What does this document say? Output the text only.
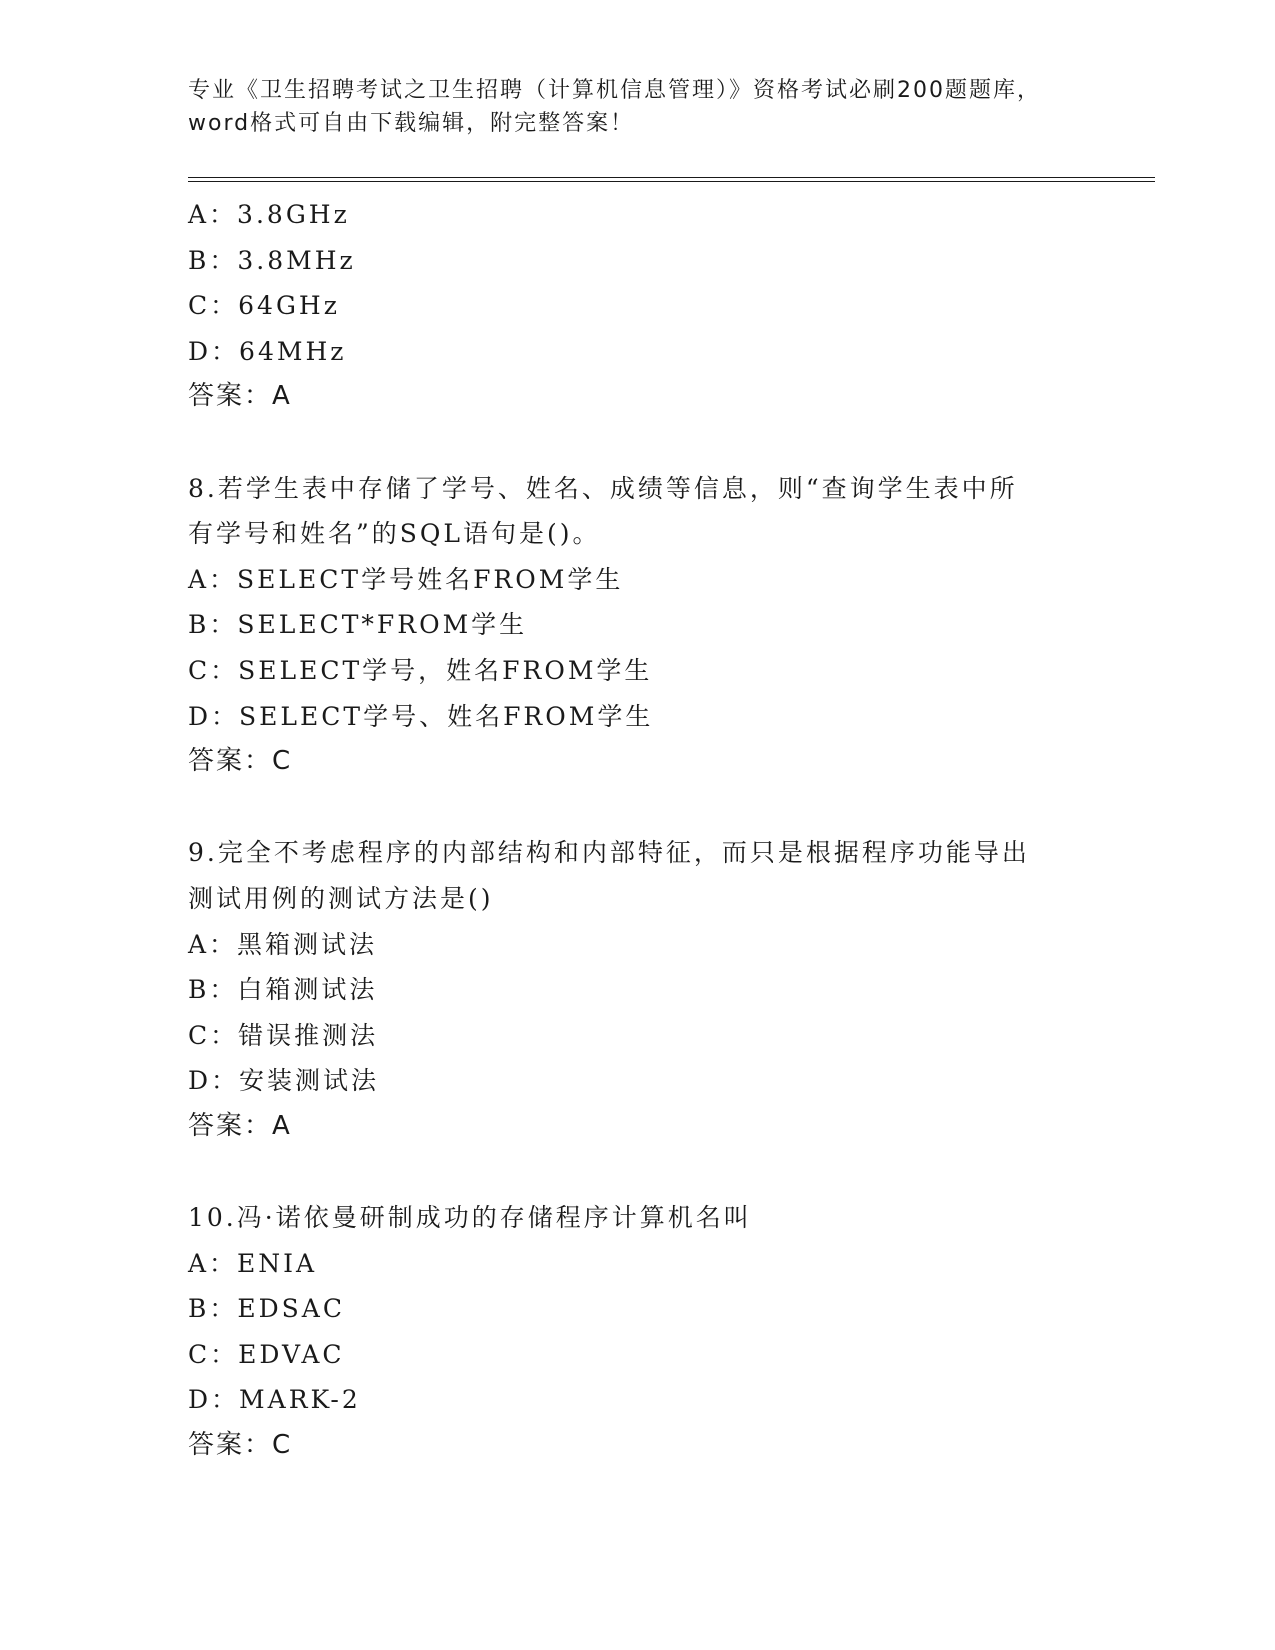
专业《卫生招聘考试之卫生招聘（计算机信息管理）》资格考试必刷200题题库，
word格式可自由下载编辑，附完整答案！
A：3.8GHz
B：3.8MHz
C：64GHz
D：64MHz
答案：A
8.若学生表中存储了学号、姓名、成绩等信息，则“查询学生表中所
有学号和姓名”的SQL语句是()。
A：SELECT学号姓名FROM学生
B：SELECT*FROM学生
C：SELECT学号，姓名FROM学生
D：SELECT学号、姓名FROM学生
答案：C
9.完全不考虑程序的内部结构和内部特征，而只是根据程序功能导出
测试用例的测试方法是()
A：黑箱测试法
B：白箱测试法
C：错误推测法
D：安装测试法
答案：A
10.冯·诺依曼研制成功的存储程序计算机名叫
A：ENIA
B：EDSAC
C：EDVAC
D：MARK-2
答案：C
